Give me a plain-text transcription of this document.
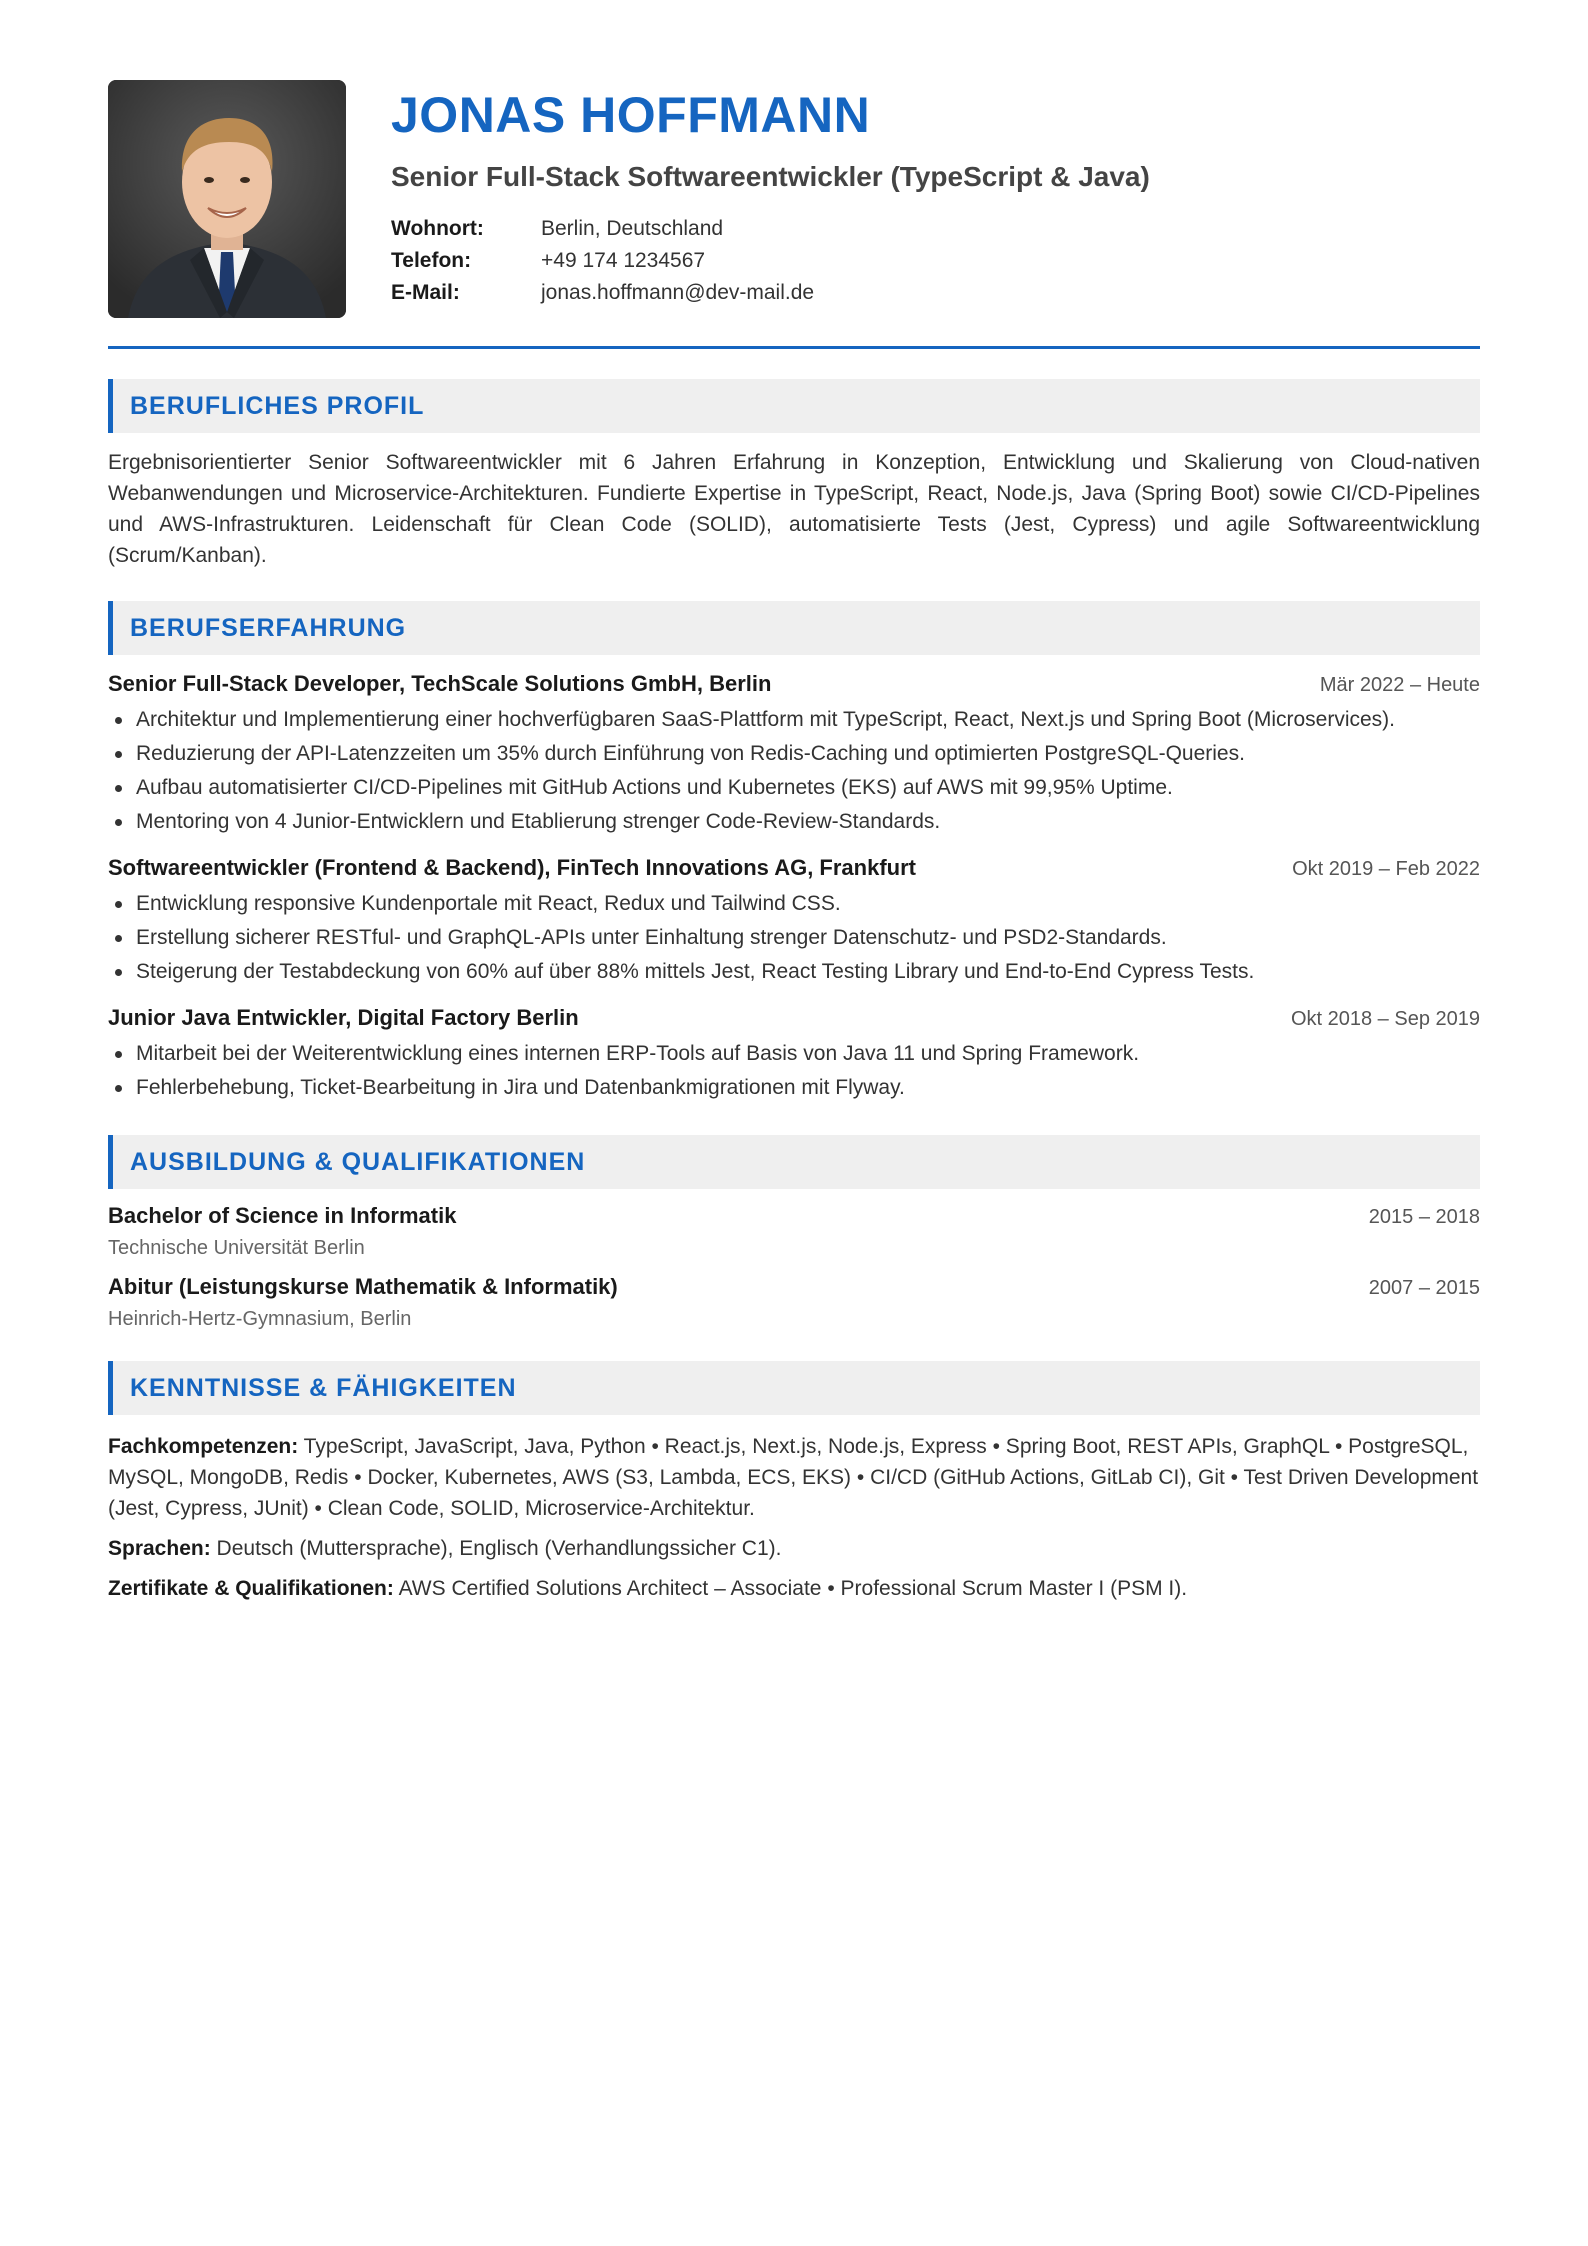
JONAS HOFFMANN
Senior Full-Stack Softwareentwickler (TypeScript & Java)
Wohnort:	Berlin, Deutschland
Telefon:	+49 174 1234567
E-Mail:	jonas.hoffmann@dev-mail.de
BERUFLICHES PROFIL

Ergebnisorientierter Senior Softwareentwickler mit 6 Jahren Erfahrung in Konzeption, Entwicklung und Skalierung von Cloud-nativen Webanwendungen und Microservice-Architekturen. Fundierte Expertise in TypeScript, React, Node.js, Java (Spring Boot) sowie CI/CD-Pipelines und AWS-Infrastrukturen. Leidenschaft für Clean Code (SOLID), automatisierte Tests (Jest, Cypress) und agile Softwareentwicklung (Scrum/Kanban).

BERUFSERFAHRUNG
Senior Full-Stack Developer, TechScale Solutions GmbH, Berlin	Mär 2022 – Heute
Architektur und Implementierung einer hochverfügbaren SaaS-Plattform mit TypeScript, React, Next.js und Spring Boot (Microservices).
Reduzierung der API-Latenzzeiten um 35% durch Einführung von Redis-Caching und optimierten PostgreSQL-Queries.
Aufbau automatisierter CI/CD-Pipelines mit GitHub Actions und Kubernetes (EKS) auf AWS mit 99,95% Uptime.
Mentoring von 4 Junior-Entwicklern und Etablierung strenger Code-Review-Standards.
Softwareentwickler (Frontend & Backend), FinTech Innovations AG, Frankfurt	Okt 2019 – Feb 2022
Entwicklung responsive Kundenportale mit React, Redux und Tailwind CSS.
Erstellung sicherer RESTful- und GraphQL-APIs unter Einhaltung strenger Datenschutz- und PSD2-Standards.
Steigerung der Testabdeckung von 60% auf über 88% mittels Jest, React Testing Library und End-to-End Cypress Tests.
Junior Java Entwickler, Digital Factory Berlin	Okt 2018 – Sep 2019
Mitarbeit bei der Weiterentwicklung eines internen ERP-Tools auf Basis von Java 11 und Spring Framework.
Fehlerbehebung, Ticket-Bearbeitung in Jira und Datenbankmigrationen mit Flyway.
AUSBILDUNG & QUALIFIKATIONEN
Bachelor of Science in Informatik	2015 – 2018
Technische Universität Berlin
Abitur (Leistungskurse Mathematik & Informatik)	2007 – 2015
Heinrich-Hertz-Gymnasium, Berlin
KENNTNISSE & FÄHIGKEITEN

Fachkompetenzen: TypeScript, JavaScript, Java, Python • React.js, Next.js, Node.js, Express • Spring Boot, REST APIs, GraphQL • PostgreSQL, MySQL, MongoDB, Redis • Docker, Kubernetes, AWS (S3, Lambda, ECS, EKS) • CI/CD (GitHub Actions, GitLab CI), Git • Test Driven Development (Jest, Cypress, JUnit) • Clean Code, SOLID, Microservice-Architektur.

Sprachen: Deutsch (Muttersprache), Englisch (Verhandlungssicher C1).

Zertifikate & Qualifikationen: AWS Certified Solutions Architect – Associate • Professional Scrum Master I (PSM I).
